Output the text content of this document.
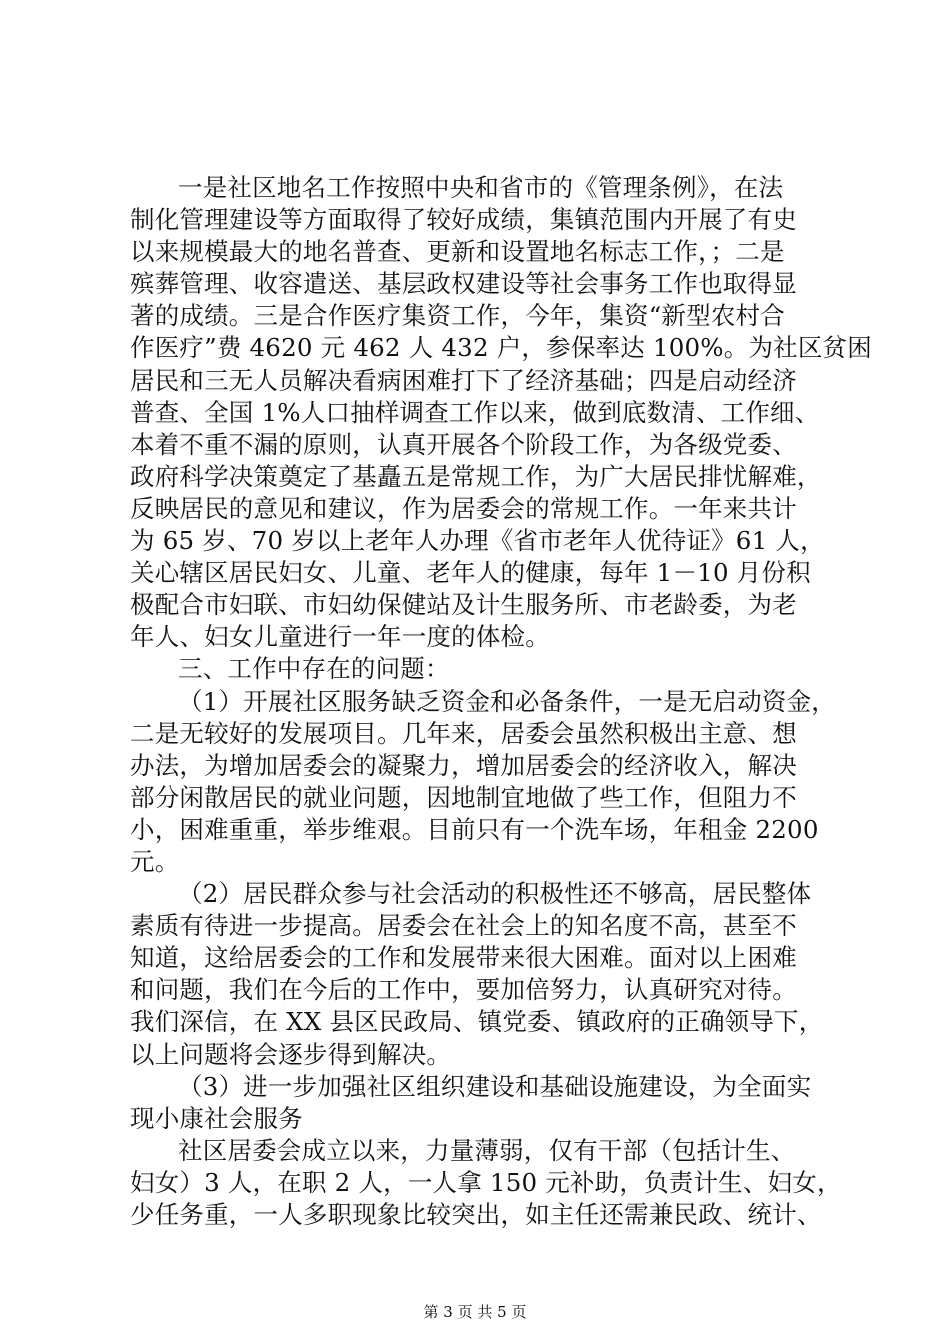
一是社区地名工作按照中央和省市的《管理条例》，在法
制化管理建设等方面取得了较好成绩，集镇范围内开展了有史
以来规模最大的地名普查、更新和设置地名标志工作，；二是
殡葬管理、收容遣送、基层政权建设等社会事务工作也取得显
著的成绩。三是合作医疗集资工作，今年，集资“新型农村合
作医疗”费 4620 元 462 人 432 户，参保率达 100%。为社区贫困
居民和三无人员解决看病困难打下了经济基础；四是启动经济
普查、全国 1%人口抽样调查工作以来，做到底数清、工作细、
本着不重不漏的原则，认真开展各个阶段工作，为各级党委、
政府科学决策奠定了基矗五是常规工作，为广大居民排忧解难，
反映居民的意见和建议，作为居委会的常规工作。一年来共计
为 65 岁、70 岁以上老年人办理《省市老年人优待证》61 人，
关心辖区居民妇女、儿童、老年人的健康，每年 1－10 月份积
极配合市妇联、市妇幼保健站及计生服务所、市老龄委，为老
年人、妇女儿童进行一年一度的体检。
三、工作中存在的问题：
（1）开展社区服务缺乏资金和必备条件，一是无启动资金，
二是无较好的发展项目。几年来，居委会虽然积极出主意、想
办法，为增加居委会的凝聚力，增加居委会的经济收入，解决
部分闲散居民的就业问题，因地制宜地做了些工作，但阻力不
小，困难重重，举步维艰。目前只有一个洗车场，年租金 2200
元。
（2）居民群众参与社会活动的积极性还不够高，居民整体
素质有待进一步提高。居委会在社会上的知名度不高，甚至不
知道，这给居委会的工作和发展带来很大困难。面对以上困难
和问题，我们在今后的工作中，要加倍努力，认真研究对待。
我们深信，在 XX 县区民政局、镇党委、镇政府的正确领导下，
以上问题将会逐步得到解决。
（3）进一步加强社区组织建设和基础设施建设，为全面实
现小康社会服务
社区居委会成立以来，力量薄弱，仅有干部（包括计生、
妇女）3 人，在职 2 人，一人拿 150 元补助，负责计生、妇女，
少任务重，一人多职现象比较突出，如主任还需兼民政、统计、
第 3 页 共 5 页
